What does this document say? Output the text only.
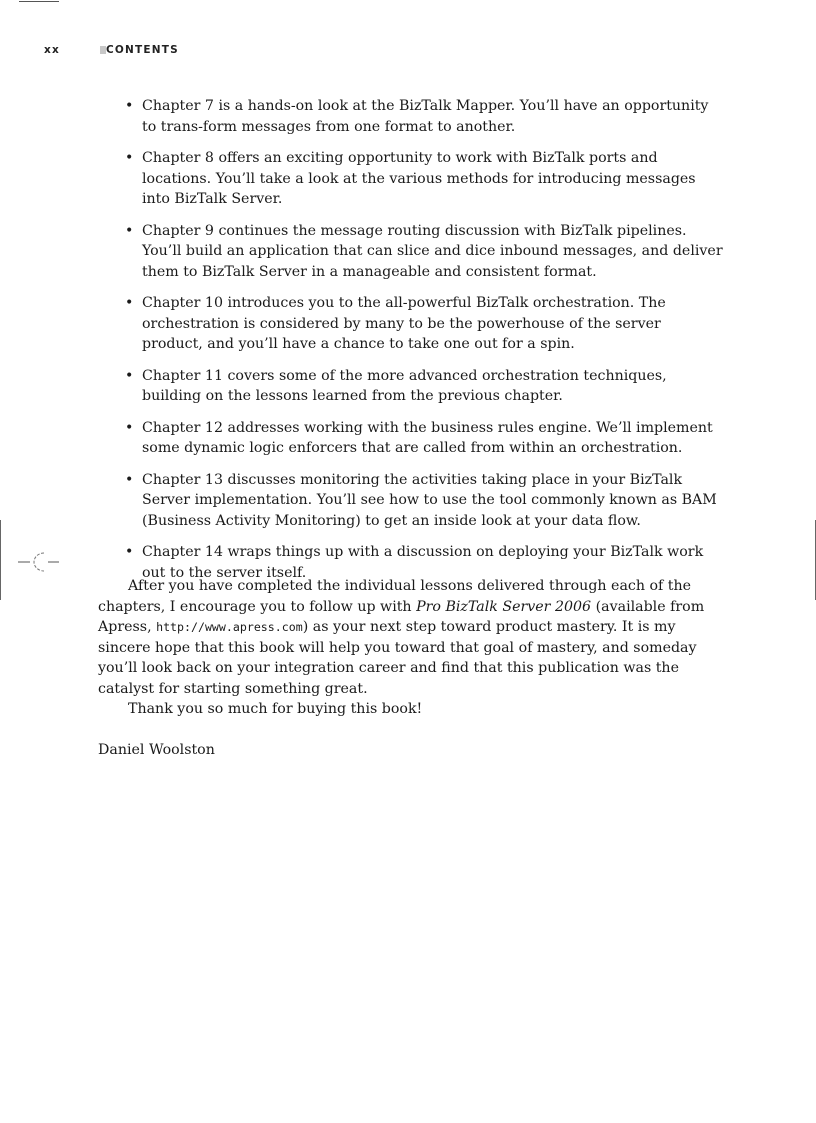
xx	CONTENTS
• Chapter 7 is a hands-on look at the BizTalk Mapper. You’ll have an opportunity to trans-form messages from one format to another.
• Chapter 8 offers an exciting opportunity to work with BizTalk ports and locations. You’ll take a look at the various methods for introducing messages into BizTalk Server.
• Chapter 9 continues the message routing discussion with BizTalk pipelines. You’ll build an application that can slice and dice inbound messages, and deliver them to BizTalk Server in a manageable and consistent format.
• Chapter 10 introduces you to the all-powerful BizTalk orchestration. The orchestration is considered by many to be the powerhouse of the server product, and you’ll have a chance to take one out for a spin.
• Chapter 11 covers some of the more advanced orchestration techniques, building on the lessons learned from the previous chapter.
• Chapter 12 addresses working with the business rules engine. We’ll implement some dynamic logic enforcers that are called from within an orchestration.
• Chapter 13 discusses monitoring the activities taking place in your BizTalk Server implementation. You’ll see how to use the tool commonly known as BAM (Business Activity Monitoring) to get an inside look at your data flow.
• Chapter 14 wraps things up with a discussion on deploying your BizTalk work out to the server itself.

After you have completed the individual lessons delivered through each of the chapters, I encourage you to follow up with Pro BizTalk Server 2006 (available from Apress, http://www.apress.com) as your next step toward product mastery. It is my sincere hope that this book will help you toward that goal of mastery, and someday you’ll look back on your integration career and find that this publication was the catalyst for starting something great.

Thank you so much for buying this book!

Daniel Woolston
